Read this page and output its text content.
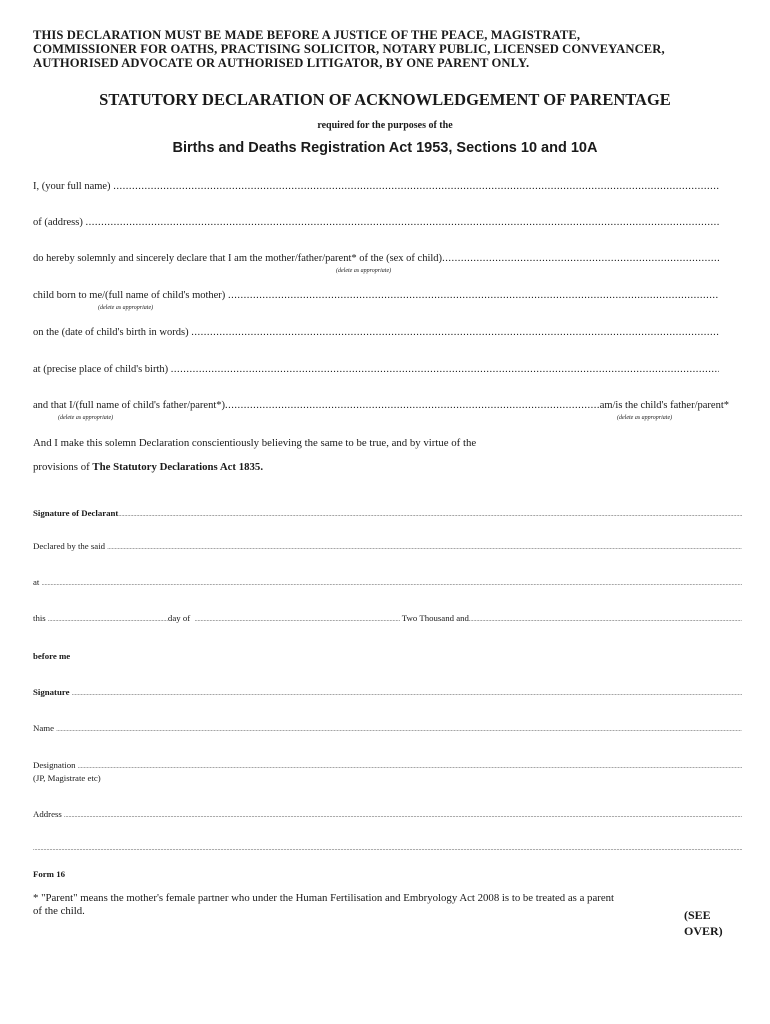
THIS DECLARATION MUST BE MADE BEFORE A JUSTICE OF THE PEACE, MAGISTRATE,
COMMISSIONER FOR OATHS, PRACTISING SOLICITOR, NOTARY PUBLIC, LICENSED CONVEYANCER,
AUTHORISED ADVOCATE OR AUTHORISED LITIGATOR, BY ONE PARENT ONLY.
STATUTORY DECLARATION OF ACKNOWLEDGEMENT OF PARENTAGE
required for the purposes of the
Births and Deaths Registration Act 1953, Sections 10 and 10A
I, (your full name)

.....
of (address)

.....
do hereby solemnly and sincerely declare that I am the mother/father/parent* of the (sex of child)
.....
(delete as appropriate)
child born to me/(full name of child's mother)

.....
(delete as appropriate)
on the (date of child's birth in words)

.....
at (precise place of child's birth)

.....
and that I/(full name of child's father/parent*) .....	am/is the child's father/parent*
(delete as appropriate)	(delete as appropriate)
And I make this solemn Declaration conscientiously believing the same to be true, and by virtue of the
provisions of The Statutory Declarations Act 1835.
Signature of Declarant
.....
Declared by the said

.....
at

.....
this
.....	day of
.....
	Two Thousand and
.....
before me
Signature

.....
Name

.....
Designation

.....
(JP, Magistrate etc)
Address

.....
.....
Form 16
* "Parent" means the mother's female partner who under the Human Fertilisation and Embryology Act 2008 is to be treated as a parent
of the child.	(SEE OVER)
